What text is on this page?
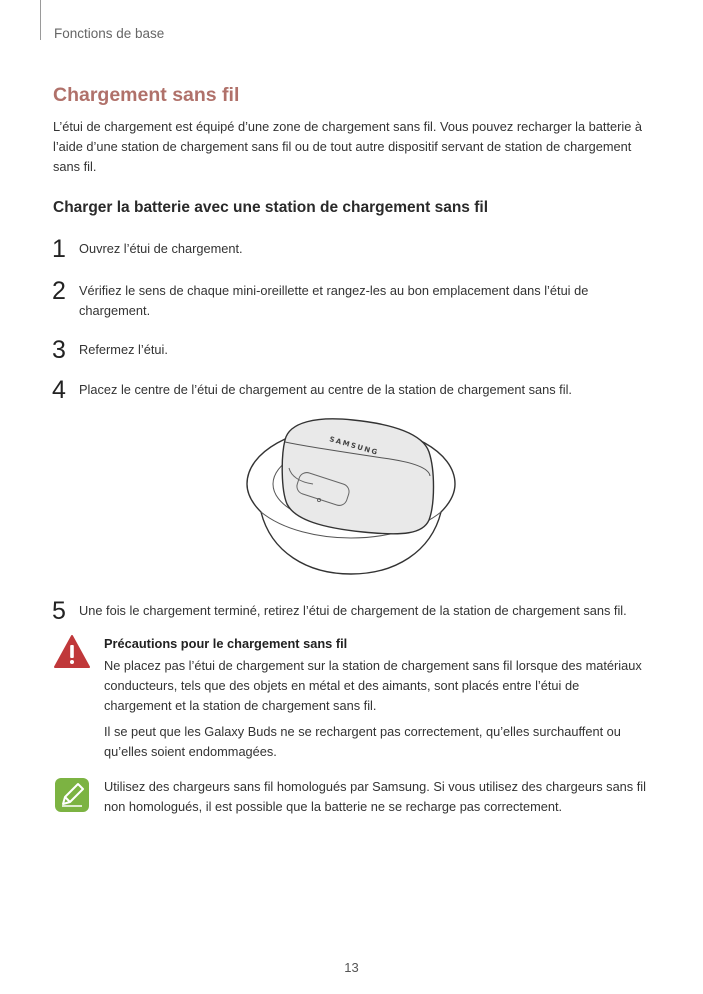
Fonctions de base
Chargement sans fil
L’étui de chargement est équipé d’une zone de chargement sans fil. Vous pouvez recharger la batterie à l’aide d’une station de chargement sans fil ou de tout autre dispositif servant de station de chargement sans fil.
Charger la batterie avec une station de chargement sans fil
1 Ouvrez l’étui de chargement.
2 Vérifiez le sens de chaque mini-oreillette et rangez-les au bon emplacement dans l’étui de chargement.
3 Refermez l’étui.
4 Placez le centre de l’étui de chargement au centre de la station de chargement sans fil.
SAMSUNG
5 Une fois le chargement terminé, retirez l’étui de chargement de la station de chargement sans fil.

Précautions pour le chargement sans fil

Ne placez pas l’étui de chargement sur la station de chargement sans fil lorsque des matériaux conducteurs, tels que des objets en métal et des aimants, sont placés entre l’étui de chargement et la station de chargement sans fil.

Il se peut que les Galaxy Buds ne se rechargent pas correctement, qu’elles surchauffent ou qu’elles soient endommagées.

Utilisez des chargeurs sans fil homologués par Samsung. Si vous utilisez des chargeurs sans fil non homologués, il est possible que la batterie ne se recharge pas correctement.

13
